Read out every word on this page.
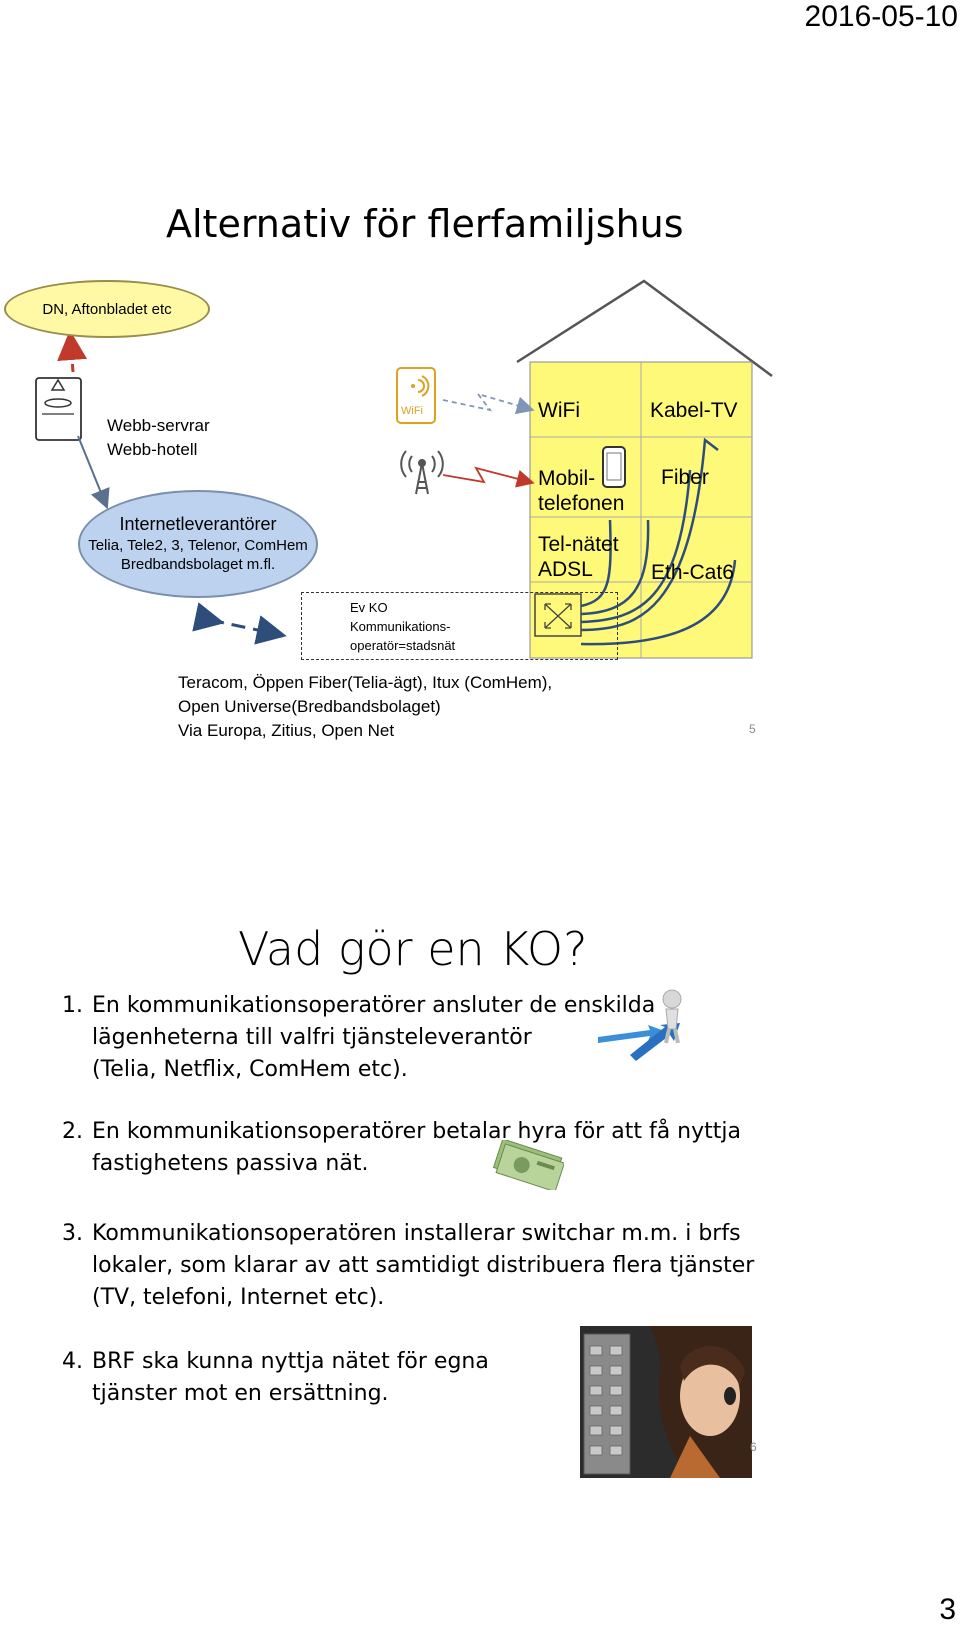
2016-05-10
3
Alternativ för flerfamiljshus
DN, Aftonbladet etc
Webb-servrar
Webb-hotell
Internetleverantörer
Telia, Tele2, 3, Telenor, ComHem
Bredbandsbolaget m.fl.
WiFi	WiFi	Kabel-TV
Mobil-
telefonen
Fiber
Tel-nätet
ADSL	Eth-Cat6
Ev KO
Kommunikations-
operatör=stadsnät
Teracom, Öppen Fiber(Telia-ägt), Itux (ComHem),
Open Universe(Bredbandsbolaget)
Via Europa, Zitius, Open Net	5
Vad gör en KO?
1. En kommunikationsoperatörer ansluter de enskilda
lägenheterna till valfri tjänsteleverantör
(Telia, Netflix, ComHem etc).
2. En kommunikationsoperatörer betalar hyra för att få nyttja
fastighetens passiva nät.
3. Kommunikationsoperatören installerar switchar m.m. i brfs
lokaler, som klarar av att samtidigt distribuera flera tjänster
(TV, telefoni, Internet etc).
4. BRF ska kunna nyttja nätet för egna
tjänster mot en ersättning.
6
